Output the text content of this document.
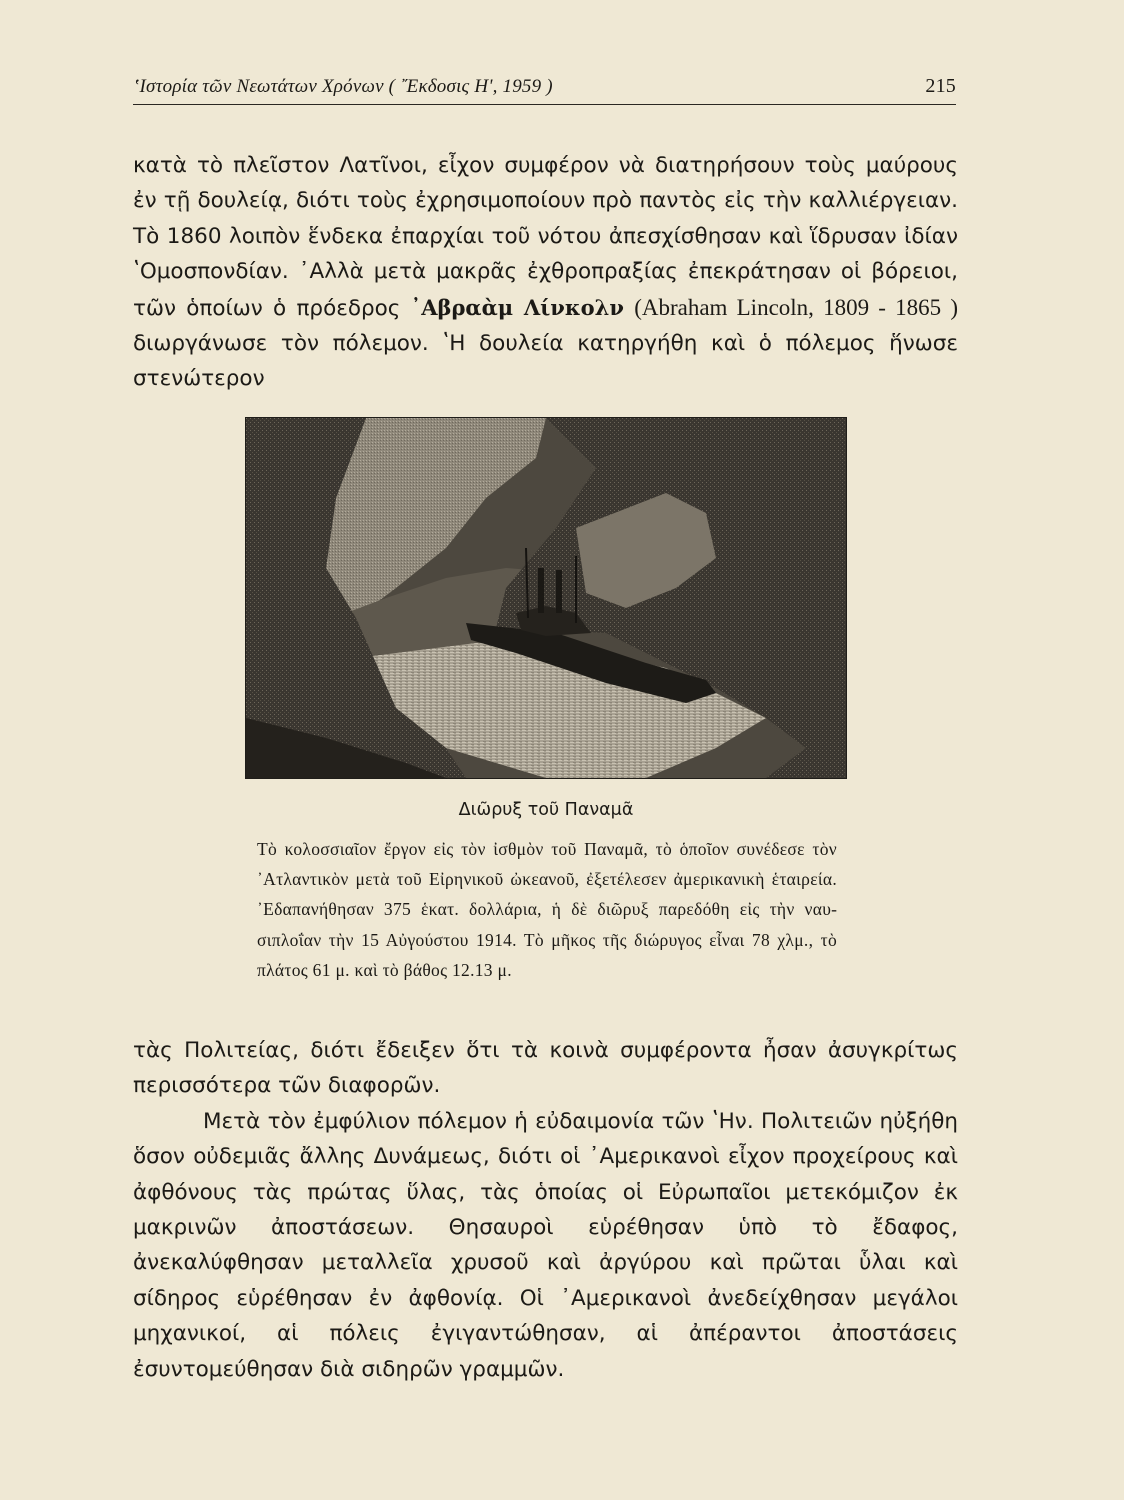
ʽΙστορία τῶν Νεωτάτων Χρόνων ( ῎Εκδοσις Η', 1959 )	215

κατὰ τὸ πλεῖστον Λατῖνοι, εἶχον συμφέρον νὰ διατηρήσουν τοὺς μαύρους ἐν τῇ δουλείᾳ, διότι τοὺς ἐχρησιμοποίουν πρὸ παντὸς εἰς τὴν καλλιέργειαν. Τὸ 1860 λοιπὸν ἕνδεκα ἐπαρχίαι τοῦ νότου ἀπεσχίσθησαν καὶ ἵδρυσαν ἰδίαν ʽΟμοσπονδίαν. ᾿Αλλὰ μετὰ μακρᾶς ἐχθροπραξίας ἐπεκράτησαν οἱ βόρειοι, τῶν ὁποίων ὁ πρόεδρος ᾿Αβραὰμ Λίνκολν (Abraham Lincoln, 1809 - 1865 ) διωργάνωσε τὸν πόλεμον. ʽΗ δουλεία κατηργήθη καὶ ὁ πόλεμος ἥνωσε στενώτερον

Διῶρυξ τοῦ Παναμᾶ
Τὸ κολοσσιαῖον ἔργον εἰς τὸν ἰσθμὸν τοῦ Παναμᾶ, τὸ ὁποῖον συνέδεσε τὸν ᾿Ατλαντικὸν μετὰ τοῦ Εἰρηνικοῦ ὠκεανοῦ, ἐξετέλεσεν ἀμερικανικὴ ἑταιρεία. ᾿Εδαπανήθησαν 375 ἑκατ. δολλάρια, ἡ δὲ διῶρυξ παρεδόθη εἰς τὴν ναυσιπλοΐαν τὴν 15 Αὐγούστου 1914. Τὸ μῆκος τῆς διώρυγος εἶναι 78 χλμ., τὸ πλάτος 61 μ. καὶ τὸ βάθος 12.13 μ.

τὰς Πολιτείας, διότι ἔδειξεν ὅτι τὰ κοινὰ συμφέροντα ἦσαν ἀσυγκρίτως περισσότερα τῶν διαφορῶν.

Μετὰ τὸν ἐμφύλιον πόλεμον ἡ εὐδαιμονία τῶν ʽΗν. Πολιτειῶν ηὐξήθη ὅσον οὐδεμιᾶς ἄλλης Δυνάμεως, διότι οἱ ᾿Αμερικανοὶ εἶχον προχείρους καὶ ἀφθόνους τὰς πρώτας ὕλας, τὰς ὁποίας οἱ Εὐρωπαῖοι μετεκόμιζον ἐκ μακρινῶν ἀποστάσεων. Θησαυροὶ εὑρέθησαν ὑπὸ τὸ ἔδαφος, ἀνεκαλύφθησαν μεταλλεῖα χρυσοῦ καὶ ἀργύρου καὶ πρῶται ὗλαι καὶ σίδηρος εὑρέθησαν ἐν ἀφθονίᾳ. Οἱ ᾿Αμερικανοὶ ἀνεδείχθησαν μεγάλοι μηχανικοί, αἱ πόλεις ἐγιγαντώθησαν, αἱ ἀπέραντοι ἀποστάσεις ἐσυντομεύθησαν διὰ σιδηρῶν γραμμῶν.
